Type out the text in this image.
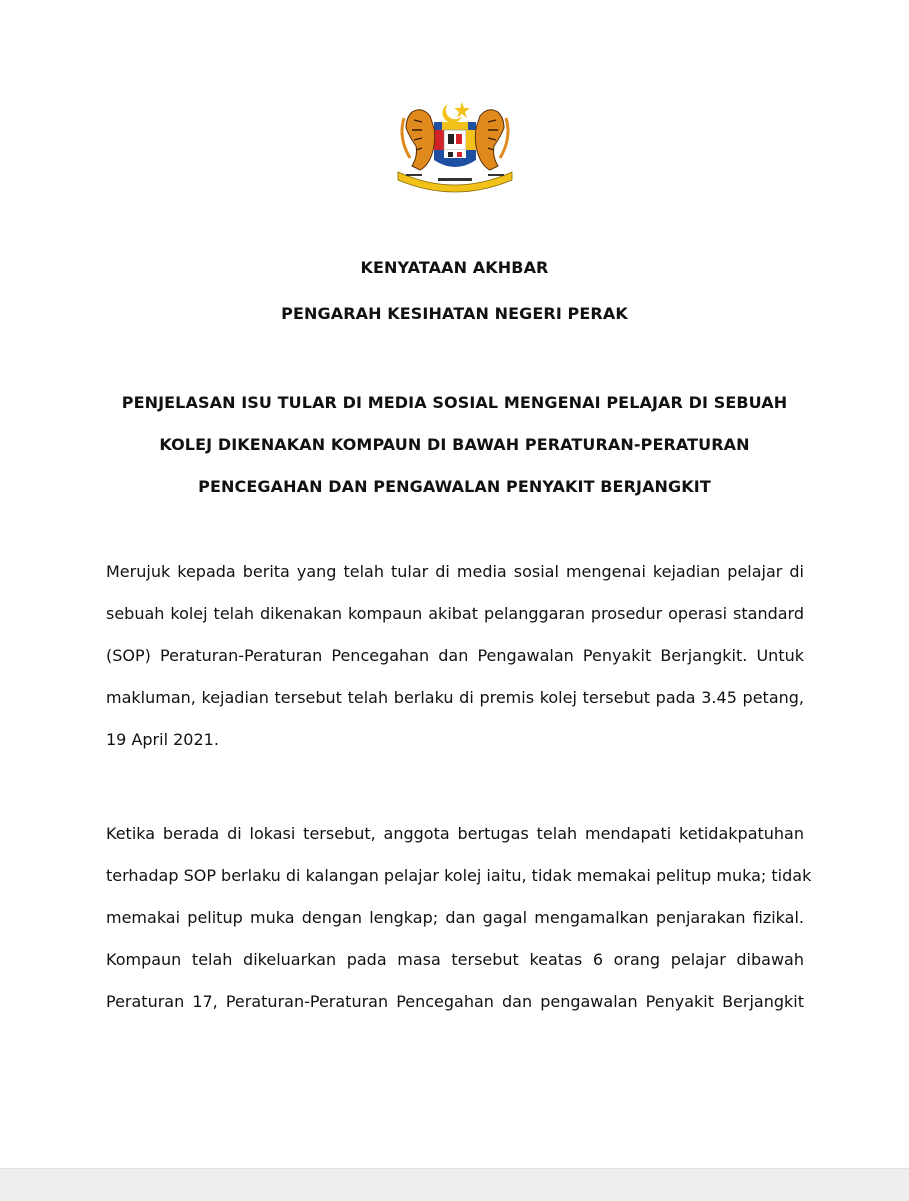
KENYATAAN AKHBAR
PENGARAH KESIHATAN NEGERI PERAK
PENJELASAN ISU TULAR DI MEDIA SOSIAL MENGENAI PELAJAR DI SEBUAH
KOLEJ DIKENAKAN KOMPAUN DI BAWAH PERATURAN-PERATURAN
PENCEGAHAN DAN PENGAWALAN PENYAKIT BERJANGKIT
Merujuk kepada berita yang telah tular di media sosial mengenai kejadian pelajar di
sebuah kolej telah dikenakan kompaun akibat pelanggaran prosedur operasi standard
(SOP) Peraturan-Peraturan Pencegahan dan Pengawalan Penyakit Berjangkit. Untuk
makluman, kejadian tersebut telah berlaku di premis kolej tersebut pada 3.45 petang,
19 April 2021.
Ketika berada di lokasi tersebut, anggota bertugas telah mendapati ketidakpatuhan
terhadap SOP berlaku di kalangan pelajar kolej iaitu, tidak memakai pelitup muka; tidak
memakai pelitup muka dengan lengkap; dan gagal mengamalkan penjarakan fizikal.
Kompaun telah dikeluarkan pada masa tersebut keatas 6 orang pelajar dibawah
Peraturan 17, Peraturan-Peraturan Pencegahan dan pengawalan Penyakit Berjangkit
